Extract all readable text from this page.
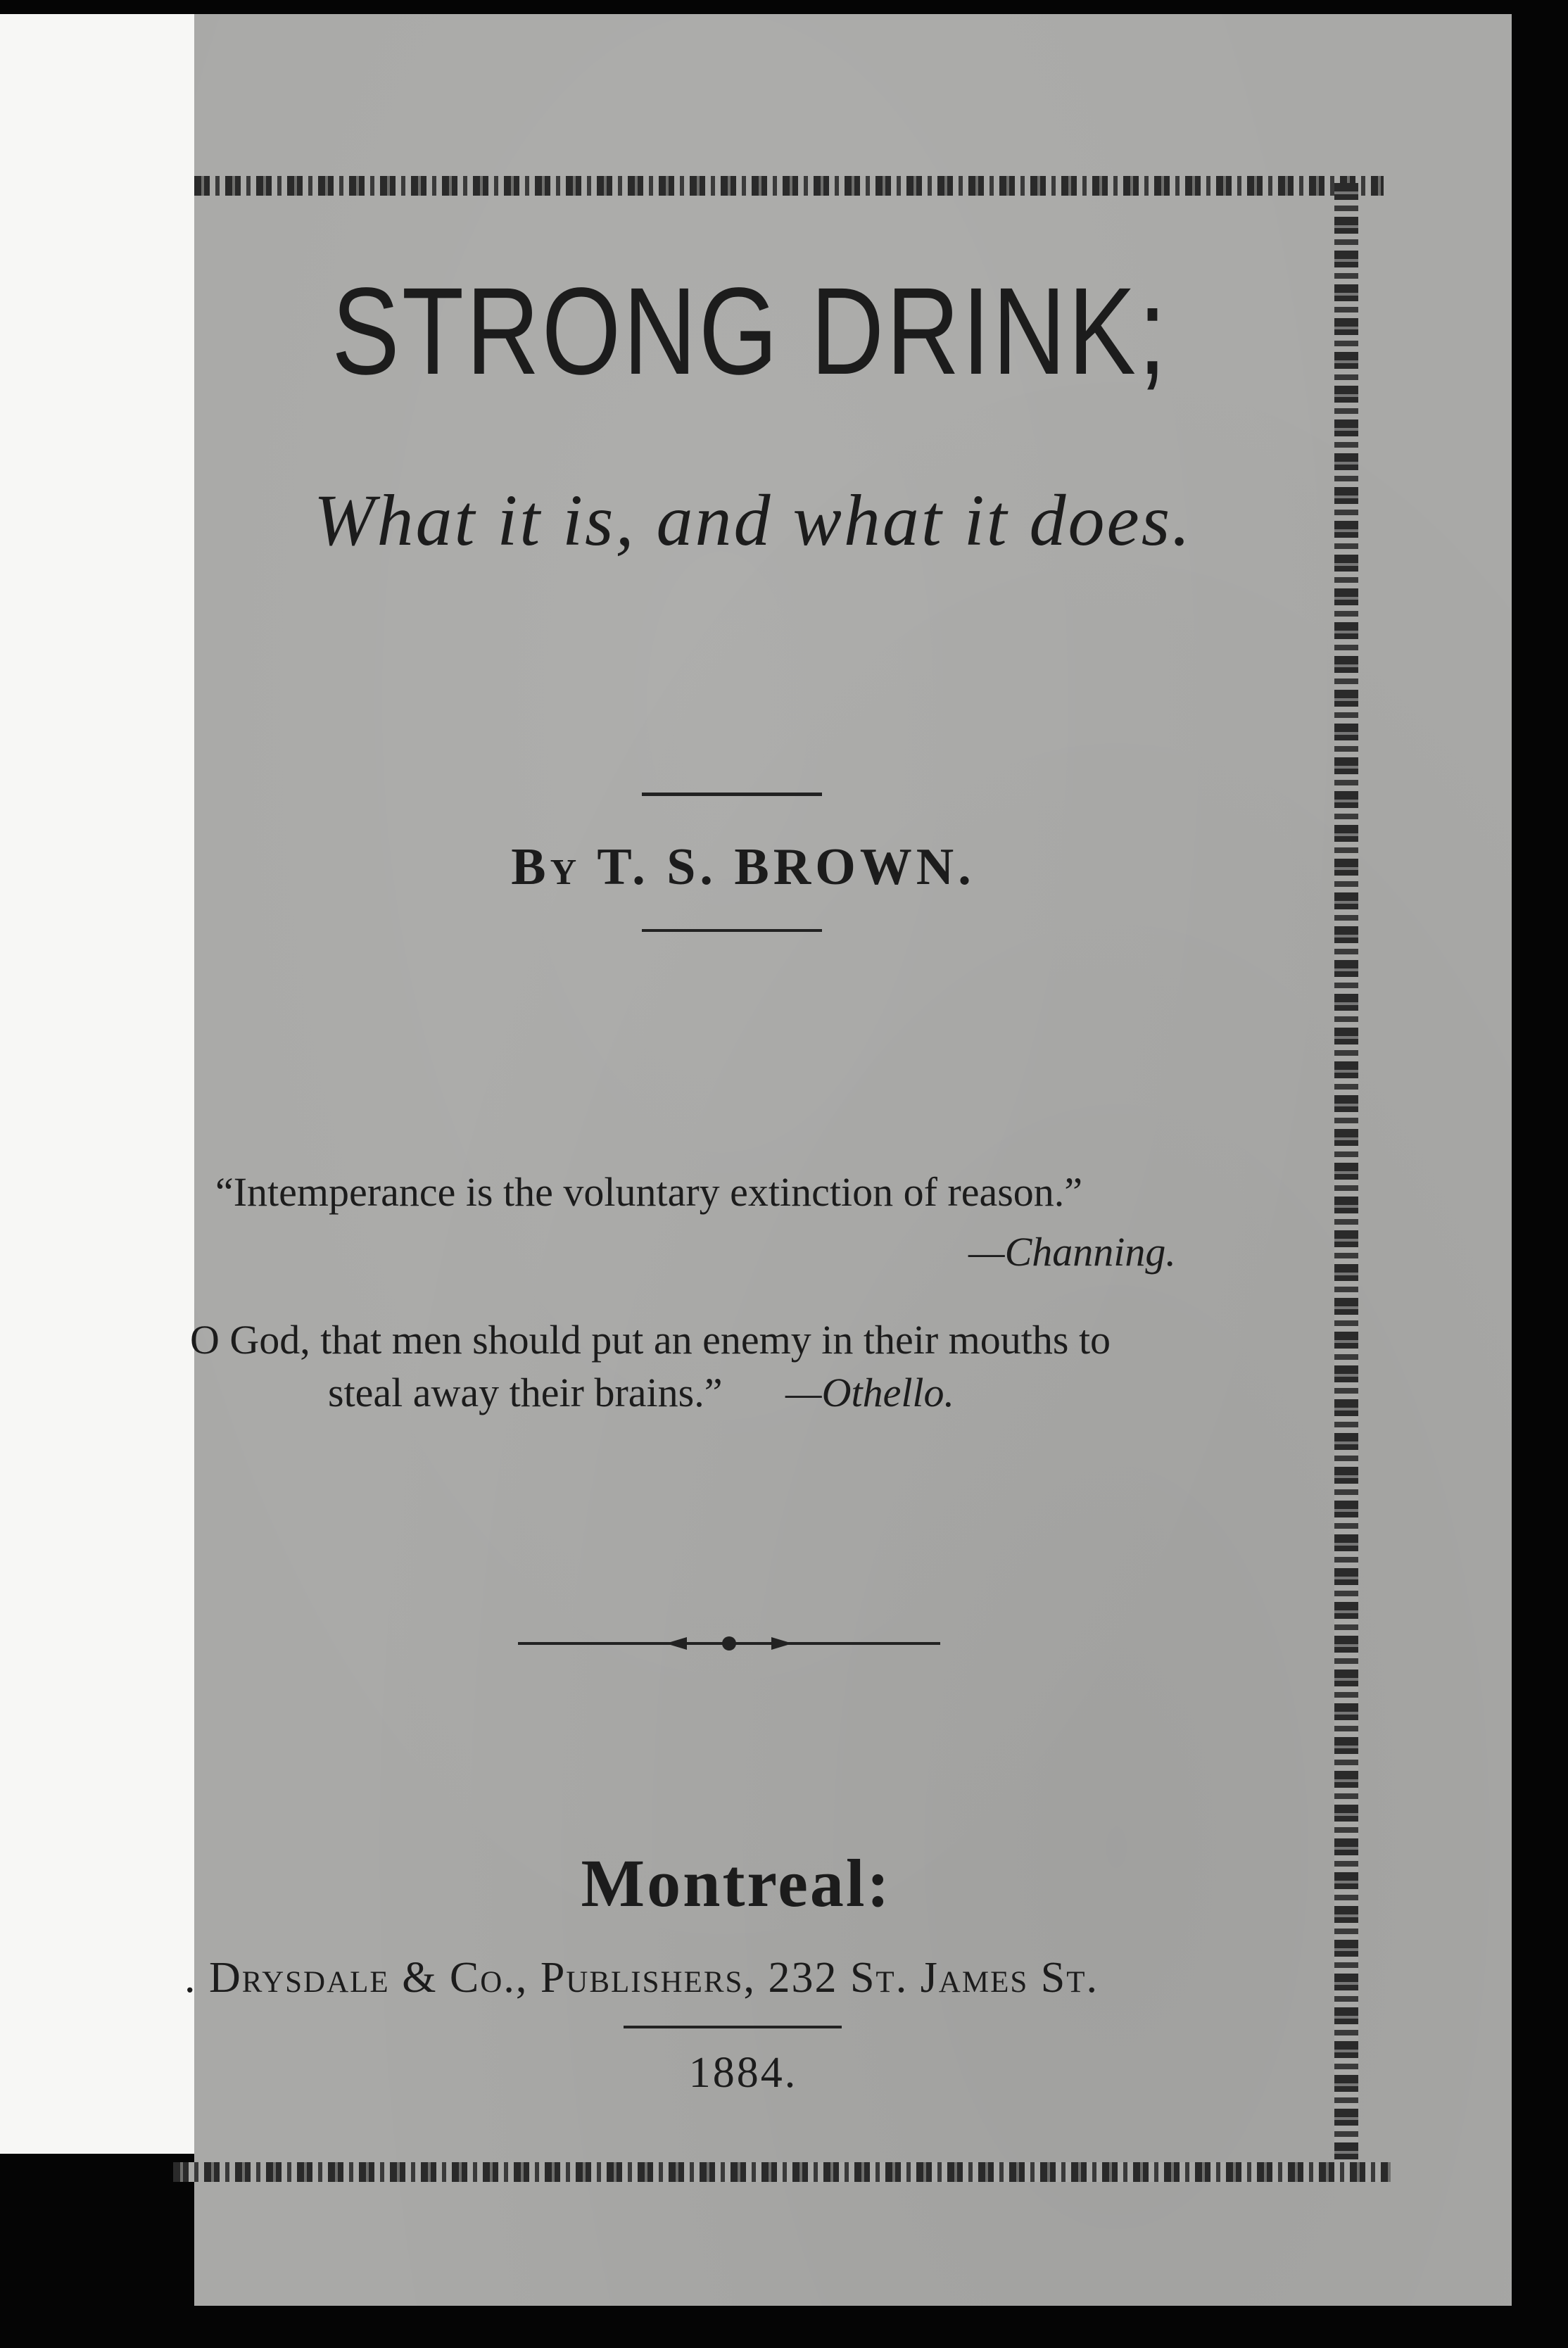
STRONG DRINK;
What it is, and what it does.
By T. S. BROWN.
“Intemperance is the voluntary extinction of reason.”
—Channing.
O God, that men should put an enemy in their mouths to
steal away their brains.” —Othello.
Montreal:
. Drysdale & Co., Publishers, 232 St. James St.
1884.
